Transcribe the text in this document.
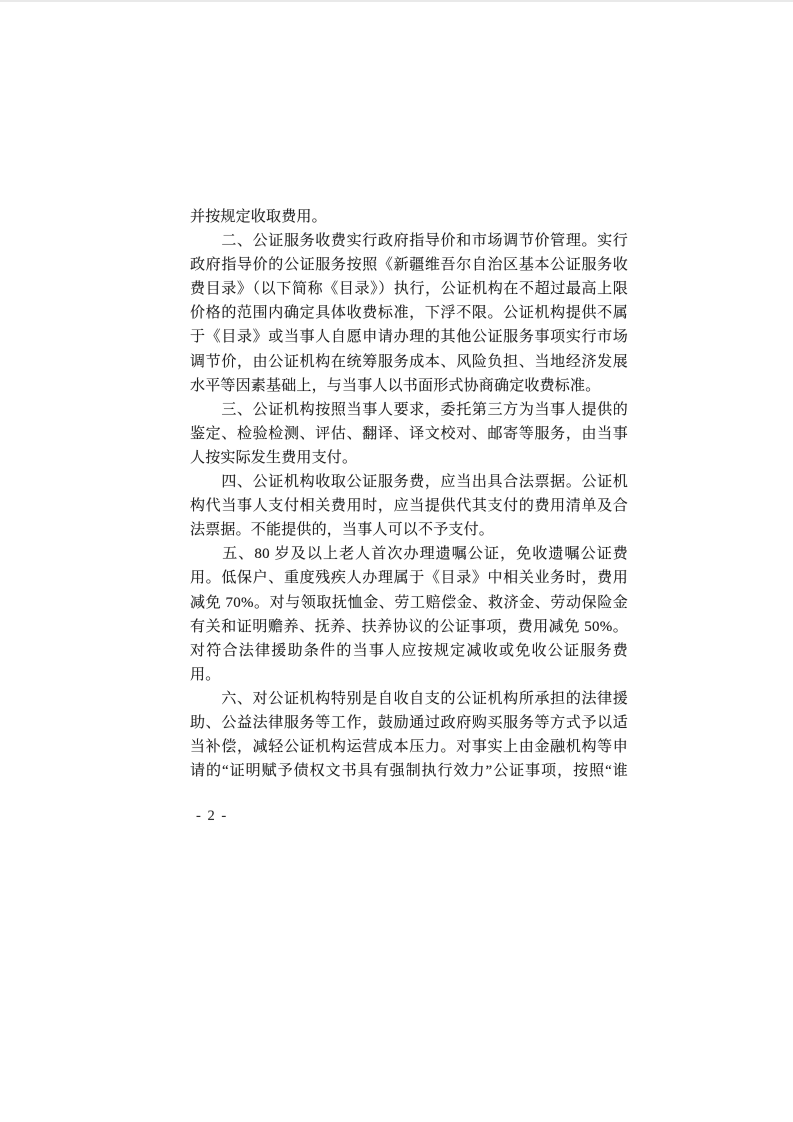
并按规定收取费用。
　　二、公证服务收费实行政府指导价和市场调节价管理。实行
政府指导价的公证服务按照《新疆维吾尔自治区基本公证服务收
费目录》（以下简称《目录》）执行，公证机构在不超过最高上限
价格的范围内确定具体收费标准，下浮不限。公证机构提供不属
于《目录》或当事人自愿申请办理的其他公证服务事项实行市场
调节价，由公证机构在统筹服务成本、风险负担、当地经济发展
水平等因素基础上，与当事人以书面形式协商确定收费标准。
　　三、公证机构按照当事人要求，委托第三方为当事人提供的
鉴定、检验检测、评估、翻译、译文校对、邮寄等服务，由当事
人按实际发生费用支付。
　　四、公证机构收取公证服务费，应当出具合法票据。公证机
构代当事人支付相关费用时，应当提供代其支付的费用清单及合
法票据。不能提供的，当事人可以不予支付。
　　五、80 岁及以上老人首次办理遗嘱公证，免收遗嘱公证费
用。低保户、重度残疾人办理属于《目录》中相关业务时，费用
减免 70%。对与领取抚恤金、劳工赔偿金、救济金、劳动保险金
有关和证明赡养、抚养、扶养协议的公证事项，费用减免 50%。
对符合法律援助条件的当事人应按规定减收或免收公证服务费
用。
　　六、对公证机构特别是自收自支的公证机构所承担的法律援
助、公益法律服务等工作，鼓励通过政府购买服务等方式予以适
当补偿，减轻公证机构运营成本压力。对事实上由金融机构等申
请的“证明赋予债权文书具有强制执行效力”公证事项，按照“谁
- 2 -
